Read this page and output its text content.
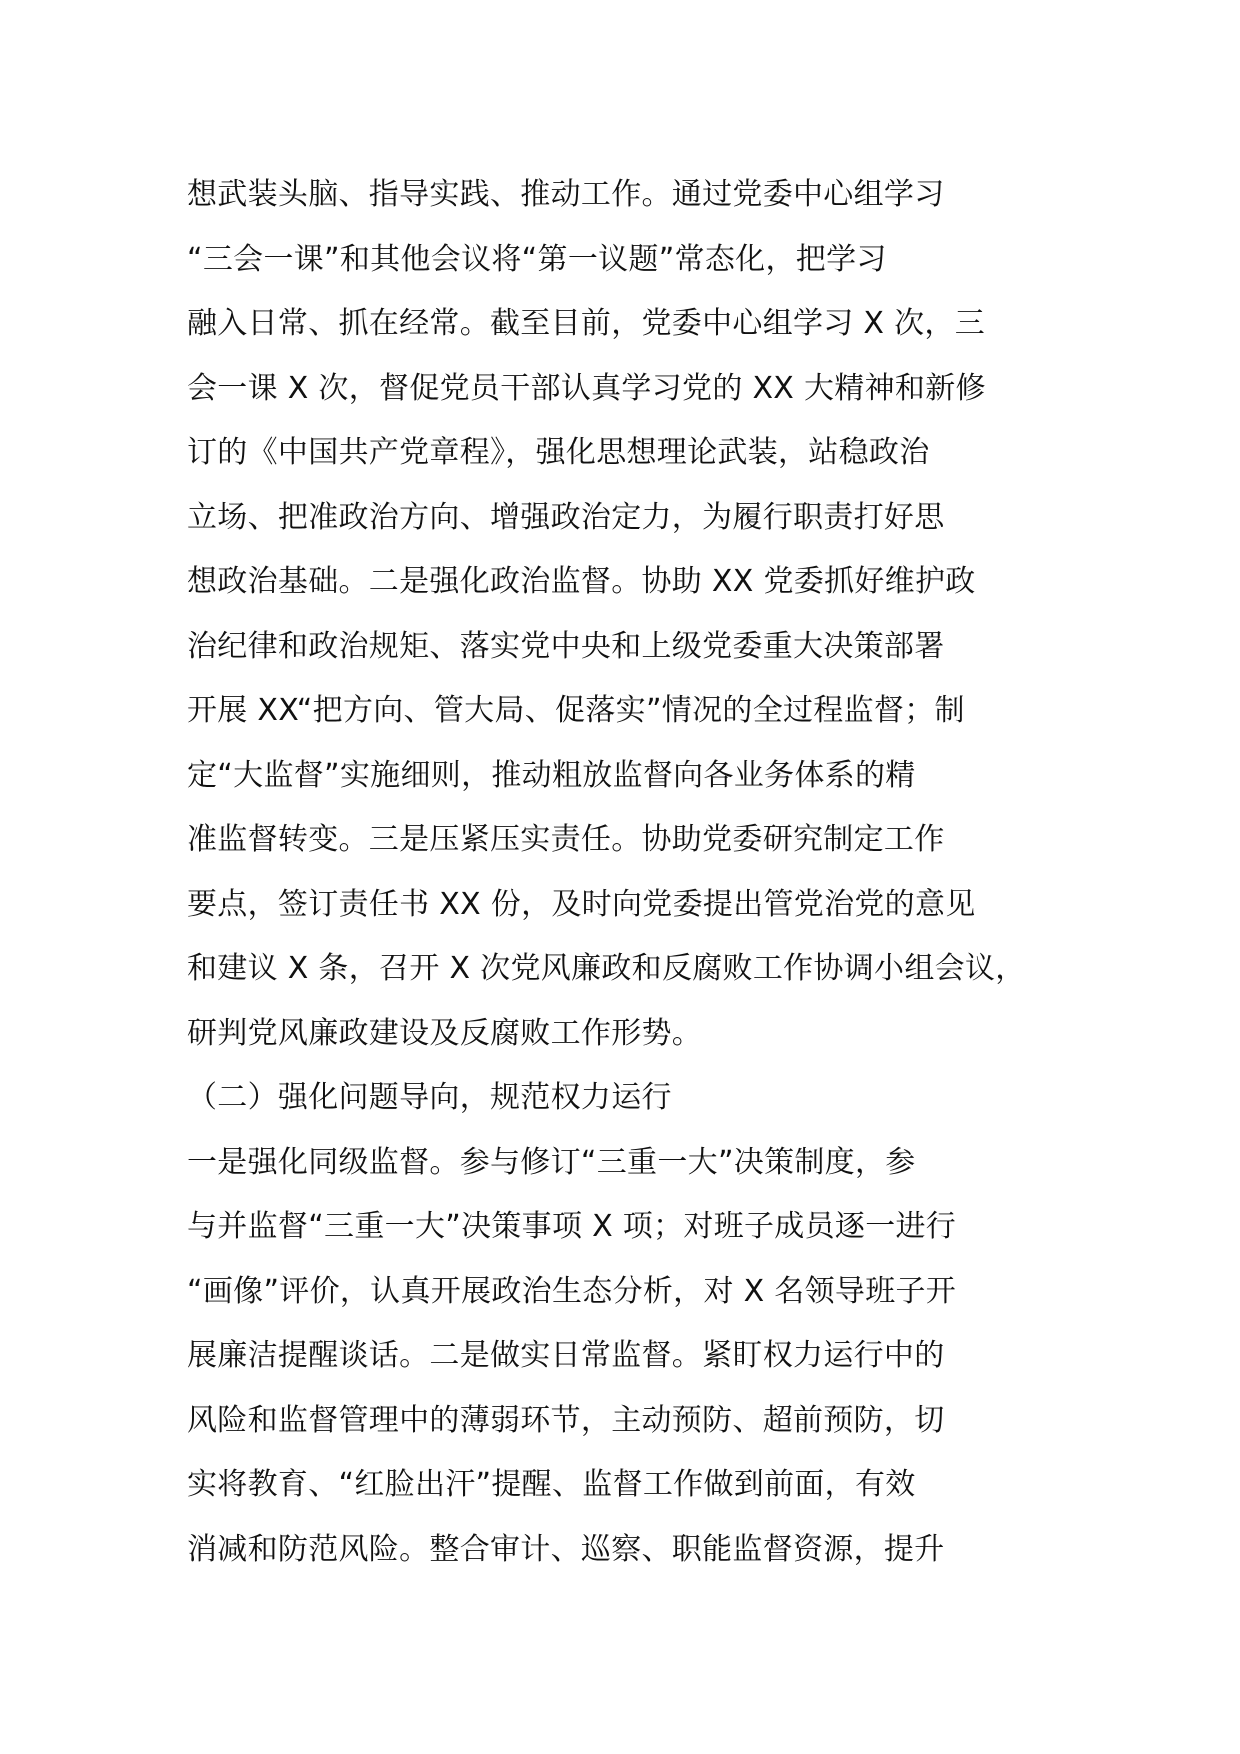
想武装头脑、指导实践、推动工作。通过党委中心组学习
“三会一课”和其他会议将“第一议题”常态化，把学习
融入日常、抓在经常。截至目前，党委中心组学习 X 次，三
会一课 X 次，督促党员干部认真学习党的 XX 大精神和新修
订的《中国共产党章程》，强化思想理论武装，站稳政治
立场、把准政治方向、增强政治定力，为履行职责打好思
想政治基础。二是强化政治监督。协助 XX 党委抓好维护政
治纪律和政治规矩、落实党中央和上级党委重大决策部署
开展 XX“把方向、管大局、促落实”情况的全过程监督；制
定“大监督”实施细则，推动粗放监督向各业务体系的精
准监督转变。三是压紧压实责任。协助党委研究制定工作
要点，签订责任书 XX 份，及时向党委提出管党治党的意见
和建议 X 条，召开 X 次党风廉政和反腐败工作协调小组会议，
研判党风廉政建设及反腐败工作形势。
（二）强化问题导向，规范权力运行
一是强化同级监督。参与修订“三重一大”决策制度，参
与并监督“三重一大”决策事项 X 项；对班子成员逐一进行
“画像”评价，认真开展政治生态分析，对 X 名领导班子开
展廉洁提醒谈话。二是做实日常监督。紧盯权力运行中的
风险和监督管理中的薄弱环节，主动预防、超前预防，切
实将教育、“红脸出汗”提醒、监督工作做到前面，有效
消减和防范风险。整合审计、巡察、职能监督资源，提升
